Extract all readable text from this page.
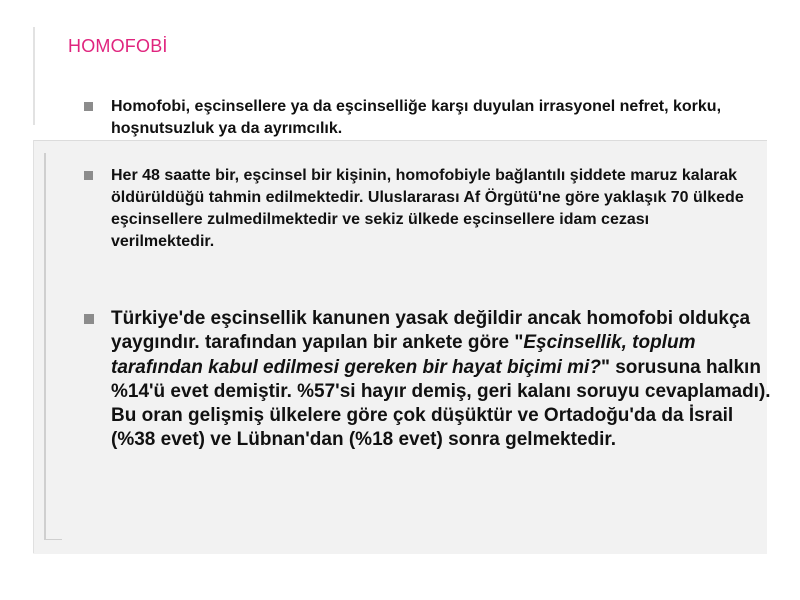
HOMOFOBİ
Homofobi, eşcinsellere ya da eşcinselliğe karşı duyulan irrasyonel nefret, korku, hoşnutsuzluk ya da ayrımcılık.
Her 48 saatte bir, eşcinsel bir kişinin, homofobiyle bağlantılı şiddete maruz kalarak öldürüldüğü tahmin edilmektedir. Uluslararası Af Örgütü'ne göre yaklaşık 70 ülkede eşcinsellere zulmedilmektedir ve sekiz ülkede eşcinsellere idam cezası verilmektedir.
Türkiye'de eşcinsellik kanunen yasak değildir ancak homofobi oldukça yaygındır. tarafından yapılan bir ankete göre "Eşcinsellik, toplum tarafından kabul edilmesi gereken bir hayat biçimi mi?" sorusuna halkın %14'ü evet demiştir. %57'si hayır demiş, geri kalanı soruyu cevaplamadı). Bu oran gelişmiş ülkelere göre çok düşüktür ve Ortadoğu'da da İsrail (%38 evet) ve Lübnan'dan (%18 evet) sonra gelmektedir.
